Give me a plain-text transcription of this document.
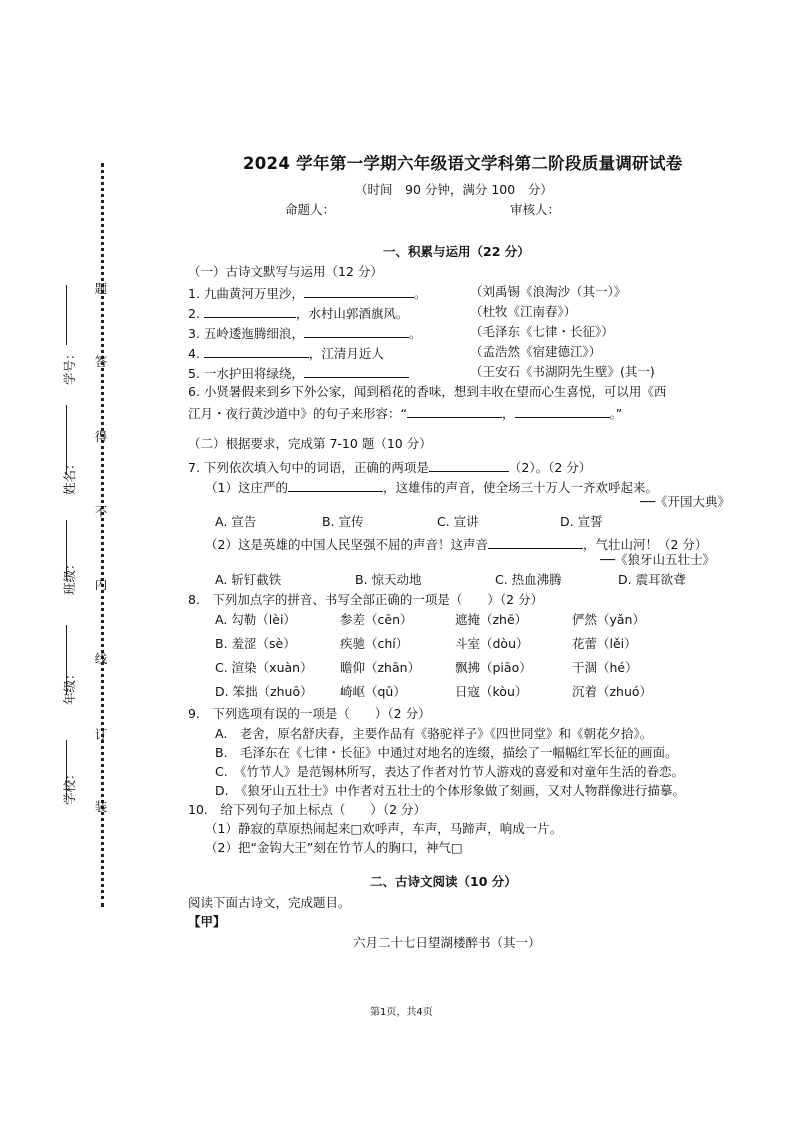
题
答
得
不
内
线
订
装
学校：
年级：
班级：
姓名：
学号：
2024 学年第一学期六年级语文学科第二阶段质量调研试卷
（时间　90 分钟，满分 100　分）
命题人：	审核人：
一、积累与运用（22 分）
（一）古诗文默写与运用（12 分）
1. 九曲黄河万里沙，	。	（刘禹锡《浪淘沙（其一）》
2.	，水村山郭酒旗风。	（杜牧《江南春》）
3. 五岭逶迤腾细浪，	。	（毛泽东《七律・长征》）
4.	，江清月近人	（孟浩然《宿建德江》）
5. 一水护田将绿绕，	（王安石《书湖阴先生壁》(其一)
6. 小贤暑假来到乡下外公家，闻到稻花的香味，想到丰收在望而心生喜悦，可以用《西
江月・夜行黄沙道中》的句子来形容：“	，	。”
（二）根据要求，完成第 7-10 题（10 分）
7. 下列依次填入句中的词语，正确的两项是	（2）。（2 分）
（1）这庄严的	，这雄伟的声音，使全场三十万人一齐欢呼起来。
──《开国大典》
A. 宣告	B. 宣传	C. 宣讲	D. 宣誓
（2）这是英雄的中国人民坚强不屈的声音！这声音	，气壮山河！（2 分）
──《狼牙山五壮士》
A. 斩钉截铁	B. 惊天动地	C. 热血沸腾	D. 震耳欲聋
8.　下列加点字的拼音、书写全部正确的一项是（　　）（2 分）
A. 勾勒（lèi）	参差（cēn）	遮掩（zhē）	俨然（yǎn）
B. 羞涩（sè）	疾驰（chí）	斗室（dòu）	花蕾（lěi）
C. 渲染（xuàn） 瞻仰（zhān）	飘拂（piāo）	干涸（hé）
D. 笨拙（zhuō） 崎岖（qū）	日寇（kòu）	沉着（zhuó）
9.　下列选项有误的一项是（　　）（2 分）
A.　老舍，原名舒庆春，主要作品有《骆驼祥子》《四世同堂》和《朝花夕拾》。
B.　毛泽东在《七律・长征》中通过对地名的连缀，描绘了一幅幅红军长征的画面。
C.　《竹节人》是范锡林所写，表达了作者对竹节人游戏的喜爱和对童年生活的眷恋。
D.　《狼牙山五壮士》中作者对五壮士的个体形象做了刻画，又对人物群像进行描摹。
10.　给下列句子加上标点（　　）（2 分）
（1）静寂的草原热闹起来□欢呼声，车声，马蹄声，响成一片。
（2）把“金钩大王”刻在竹节人的胸口，神气□
二、古诗文阅读（10 分）
阅读下面古诗文，完成题目。
【甲】
六月二十七日望湖楼醉书（其一）
第1页，共4页
